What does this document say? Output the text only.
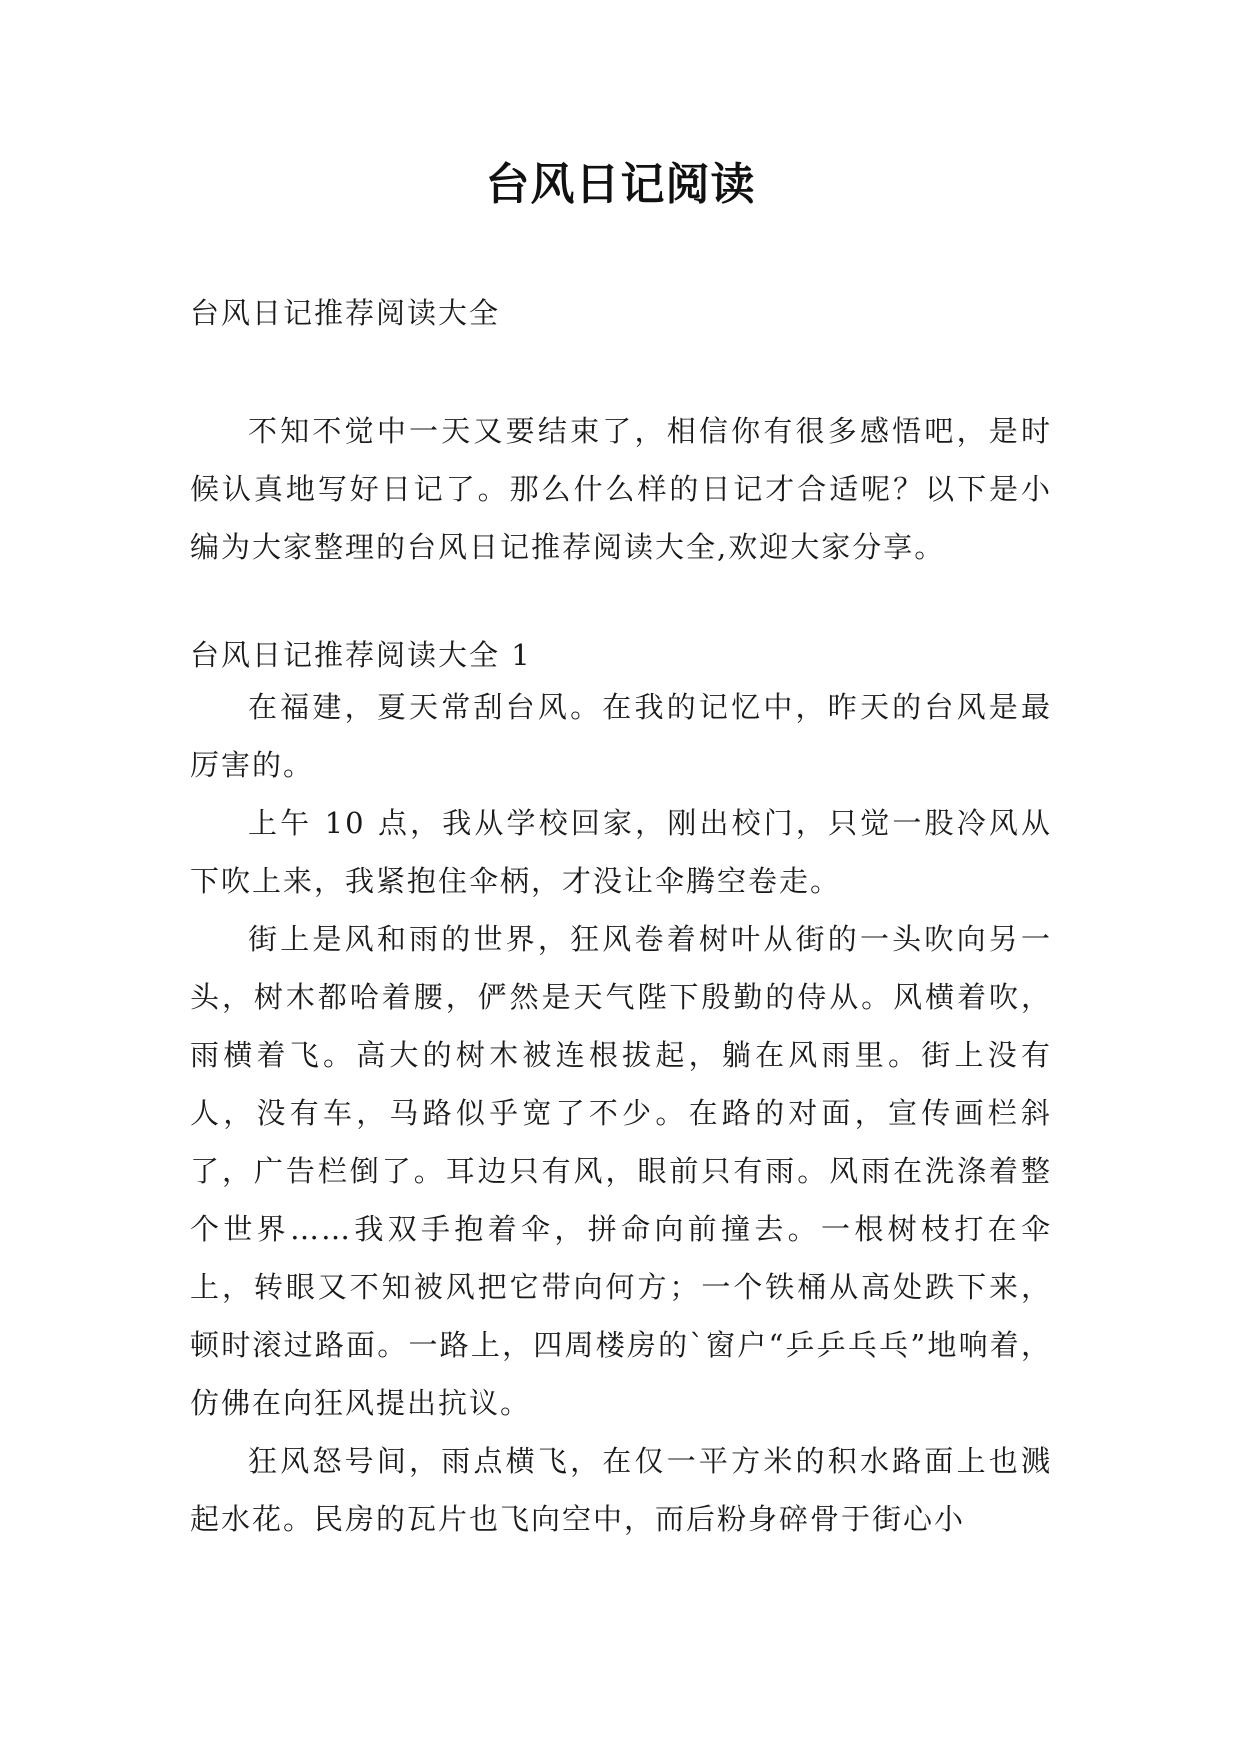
台风日记阅读

台风日记推荐阅读大全

不知不觉中一天又要结束了，相信你有很多感悟吧，是时候认真地写好日记了。那么什么样的日记才合适呢？以下是小编为大家整理的台风日记推荐阅读大全,欢迎大家分享。

台风日记推荐阅读大全 1

在福建，夏天常刮台风。在我的记忆中，昨天的台风是最厉害的。

上午 10 点，我从学校回家，刚出校门，只觉一股冷风从下吹上来，我紧抱住伞柄，才没让伞腾空卷走。

街上是风和雨的世界，狂风卷着树叶从街的一头吹向另一头，树木都哈着腰，俨然是天气陛下殷勤的侍从。风横着吹，雨横着飞。高大的树木被连根拔起，躺在风雨里。街上没有人，没有车，马路似乎宽了不少。在路的对面，宣传画栏斜了，广告栏倒了。耳边只有风，眼前只有雨。风雨在洗涤着整个世界……我双手抱着伞，拼命向前撞去。一根树枝打在伞上，转眼又不知被风把它带向何方；一个铁桶从高处跌下来，顿时滚过路面。一路上，四周楼房的`窗户“乒乒乓乓”地响着，仿佛在向狂风提出抗议。

狂风怒号间，雨点横飞，在仅一平方米的积水路面上也溅起水花。民房的瓦片也飞向空中，而后粉身碎骨于街心小
